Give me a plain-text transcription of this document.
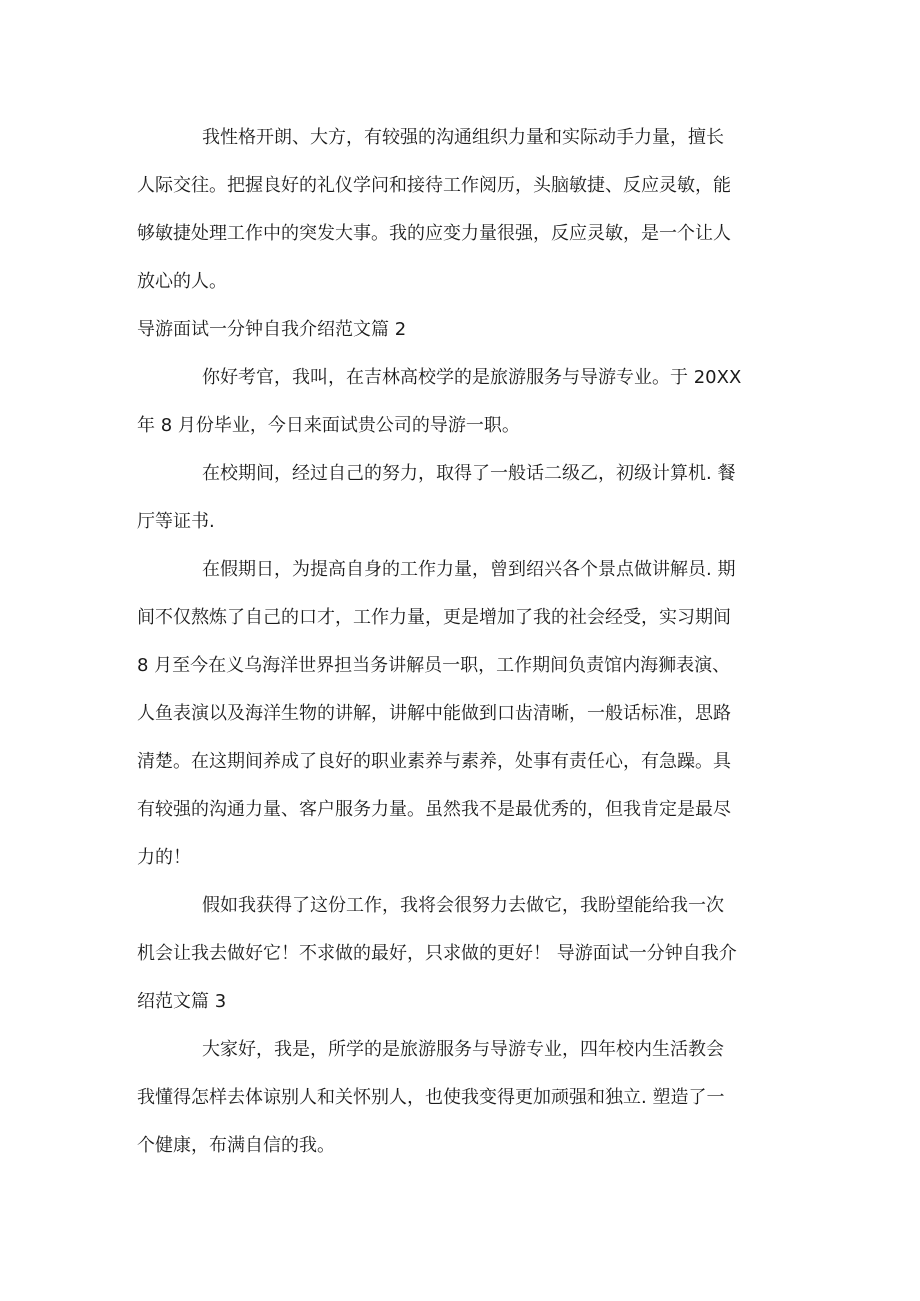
我性格开朗、大方，有较强的沟通组织力量和实际动手力量，擅长
人际交往。把握良好的礼仪学问和接待工作阅历，头脑敏捷、反应灵敏，能
够敏捷处理工作中的突发大事。我的应变力量很强，反应灵敏，是一个让人
放心的人。
导游面试一分钟自我介绍范文篇 2
你好考官，我叫，在吉林高校学的是旅游服务与导游专业。于 20XX
年 8 月份毕业，今日来面试贵公司的导游一职。
在校期间，经过自己的努力，取得了一般话二级乙，初级计算机. 餐
厅等证书.
在假期日，为提高自身的工作力量，曾到绍兴各个景点做讲解员. 期
间不仅熬炼了自己的口才，工作力量，更是增加了我的社会经受，实习期间
8 月至今在义乌海洋世界担当务讲解员一职，工作期间负责馆内海狮表演、
人鱼表演以及海洋生物的讲解，讲解中能做到口齿清晰，一般话标准，思路
清楚。在这期间养成了良好的职业素养与素养，处事有责任心，有急躁。具
有较强的沟通力量、客户服务力量。虽然我不是最优秀的，但我肯定是最尽
力的！
假如我获得了这份工作，我将会很努力去做它，我盼望能给我一次
机会让我去做好它！不求做的最好，只求做的更好！ 导游面试一分钟自我介
绍范文篇 3
大家好，我是，所学的是旅游服务与导游专业，四年校内生活教会
我懂得怎样去体谅别人和关怀别人，也使我变得更加顽强和独立. 塑造了一
个健康，布满自信的我。
